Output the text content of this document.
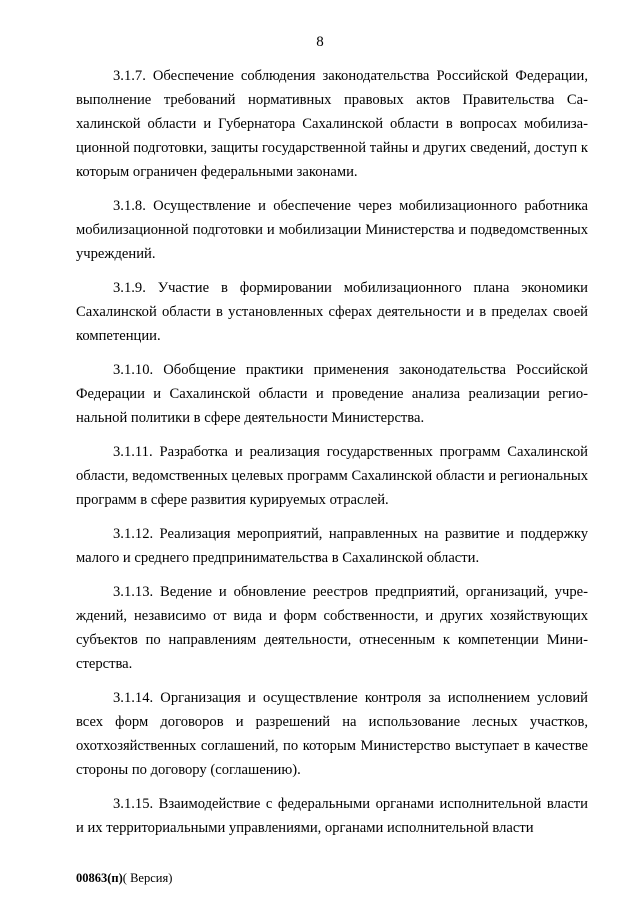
8

3.1.7. Обеспечение соблюдения законодательства Российской Федерации, выполнение требований нормативных правовых актов Правительства Сахалинской области и Губернатора Сахалинской области в вопросах мобилизационной подготовки, защиты государственной тайны и других сведений, доступ к которым ограничен федеральными законами.

3.1.8. Осуществление и обеспечение через мобилизационного работника мобилизационной подготовки и мобилизации Министерства и подведомственных учреждений.

3.1.9. Участие в формировании мобилизационного плана экономики Сахалинской области в установленных сферах деятельности и в пределах своей компетенции.

3.1.10. Обобщение практики применения законодательства Российской Федерации и Сахалинской области и проведение анализа реализации региональной политики в сфере деятельности Министерства.

3.1.11. Разработка и реализация государственных программ Сахалинской области, ведомственных целевых программ Сахалинской области и региональных программ в сфере развития курируемых отраслей.

3.1.12. Реализация мероприятий, направленных на развитие и поддержку малого и среднего предпринимательства в Сахалинской области.

3.1.13. Ведение и обновление реестров предприятий, организаций, учреждений, независимо от вида и форм собственности, и других хозяйствующих субъектов по направлениям деятельности, отнесенным к компетенции Министерства.

3.1.14. Организация и осуществление контроля за исполнением условий всех форм договоров и разрешений на использование лесных участков, охотхозяйственных соглашений, по которым Министерство выступает в качестве стороны по договору (соглашению).

3.1.15. Взаимодействие с федеральными органами исполнительной власти и их территориальными управлениями, органами исполнительной власти

00863(п)( Версия)
